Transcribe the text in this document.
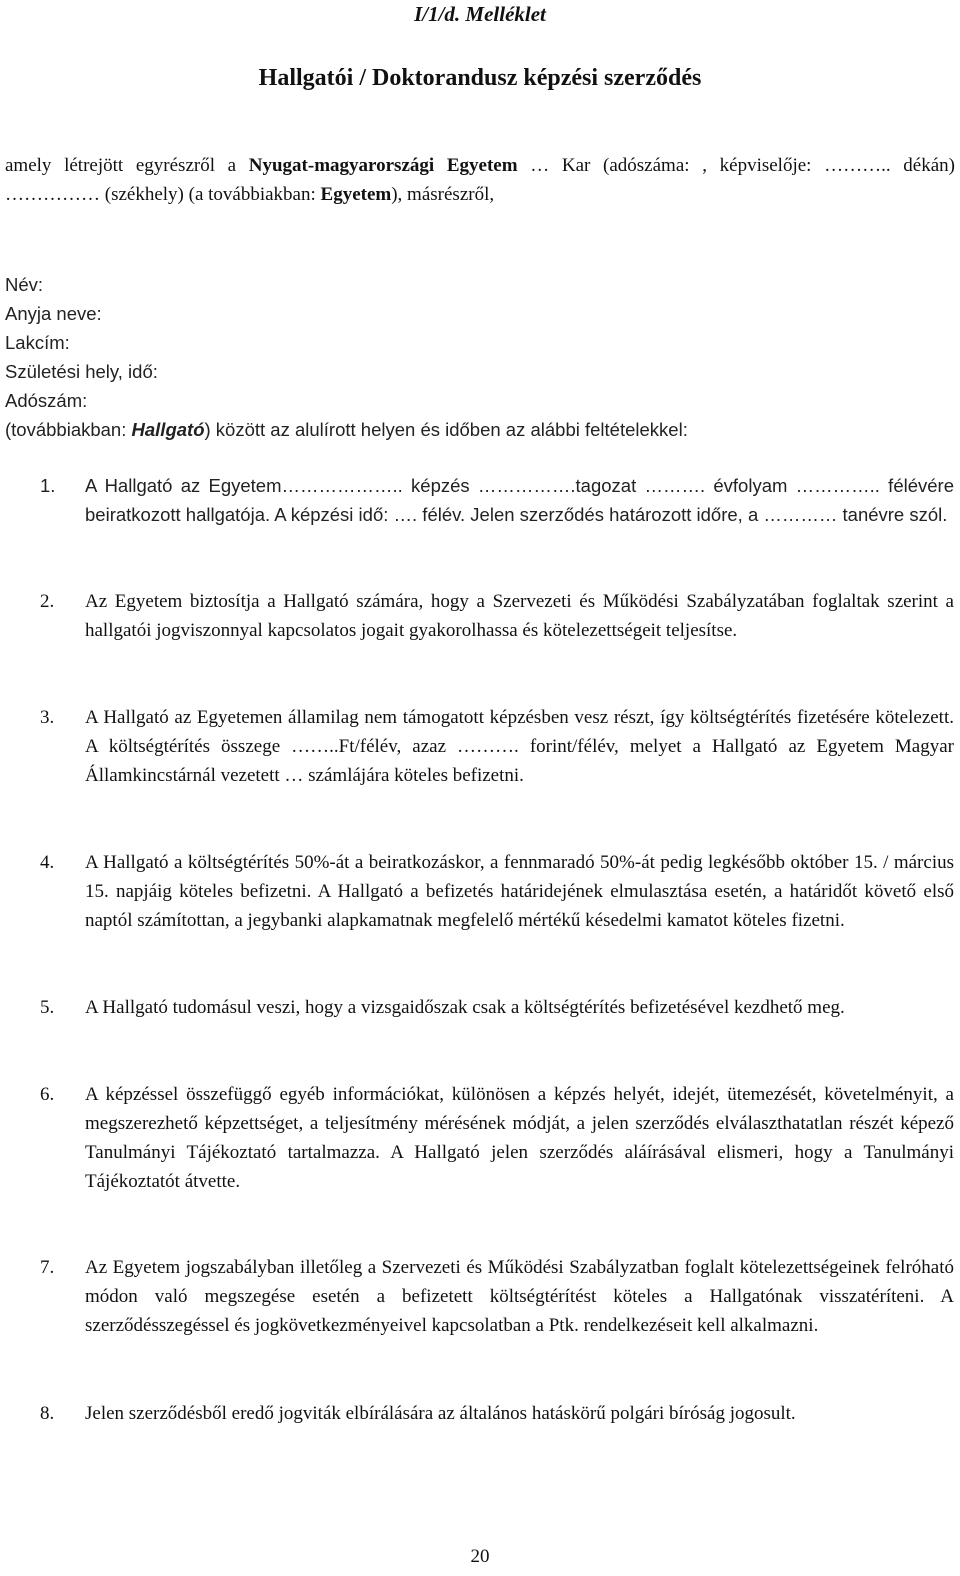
I/1/d. Melléklet
Hallgatói / Doktorandusz képzési szerződés
amely létrejött egyrészről a Nyugat-magyarországi Egyetem … Kar (adószáma: , képviselője: ……….. dékán) …………… (székhely) (a továbbiakban: Egyetem), másrészről,
Név:
Anyja neve:
Lakcím:
Születési hely, idő:
Adószám:
(továbbiakban: Hallgató) között az alulírott helyen és időben az alábbi feltételekkel:
1.	A Hallgató az Egyetem……………….. képzés …………….tagozat ………. évfolyam ………….. félévére beiratkozott hallgatója. A képzési idő: …. félév. Jelen szerződés határozott időre, a ………… tanévre szól.
2.	Az Egyetem biztosítja a Hallgató számára, hogy a Szervezeti és Működési Szabályzatában foglaltak szerint a hallgatói jogviszonnyal kapcsolatos jogait gyakorolhassa és kötelezettségeit teljesítse.
3.	A Hallgató az Egyetemen államilag nem támogatott képzésben vesz részt, így költségtérítés fizetésére kötelezett. A költségtérítés összege ……..Ft/félév, azaz ………. forint/félév, melyet a Hallgató az Egyetem Magyar Államkincstárnál vezetett … számlájára köteles befizetni.
4.	A Hallgató a költségtérítés 50%-át a beiratkozáskor, a fennmaradó 50%-át pedig legkésőbb október 15. / március 15. napjáig köteles befizetni. A Hallgató a befizetés határidejének elmulasztása esetén, a határidőt követő első naptól számítottan, a jegybanki alapkamatnak megfelelő mértékű késedelmi kamatot köteles fizetni.
5.	A Hallgató tudomásul veszi, hogy a vizsgaidőszak csak a költségtérítés befizetésével kezdhető meg.
6.	A képzéssel összefüggő egyéb információkat, különösen a képzés helyét, idejét, ütemezését, követelményit, a megszerezhető képzettséget, a teljesítmény mérésének módját, a jelen szerződés elválaszthatatlan részét képező Tanulmányi Tájékoztató tartalmazza. A Hallgató jelen szerződés aláírásával elismeri, hogy a Tanulmányi Tájékoztatót átvette.
7.	Az Egyetem jogszabályban illetőleg a Szervezeti és Működési Szabályzatban foglalt kötelezettségeinek felróható módon való megszegése esetén a befizetett költségtérítést köteles a Hallgatónak visszatéríteni. A szerződésszegéssel és jogkövetkezményeivel kapcsolatban a Ptk. rendelkezéseit kell alkalmazni.
8.	Jelen szerződésből eredő jogviták elbírálására az általános hatáskörű polgári bíróság jogosult.
20
